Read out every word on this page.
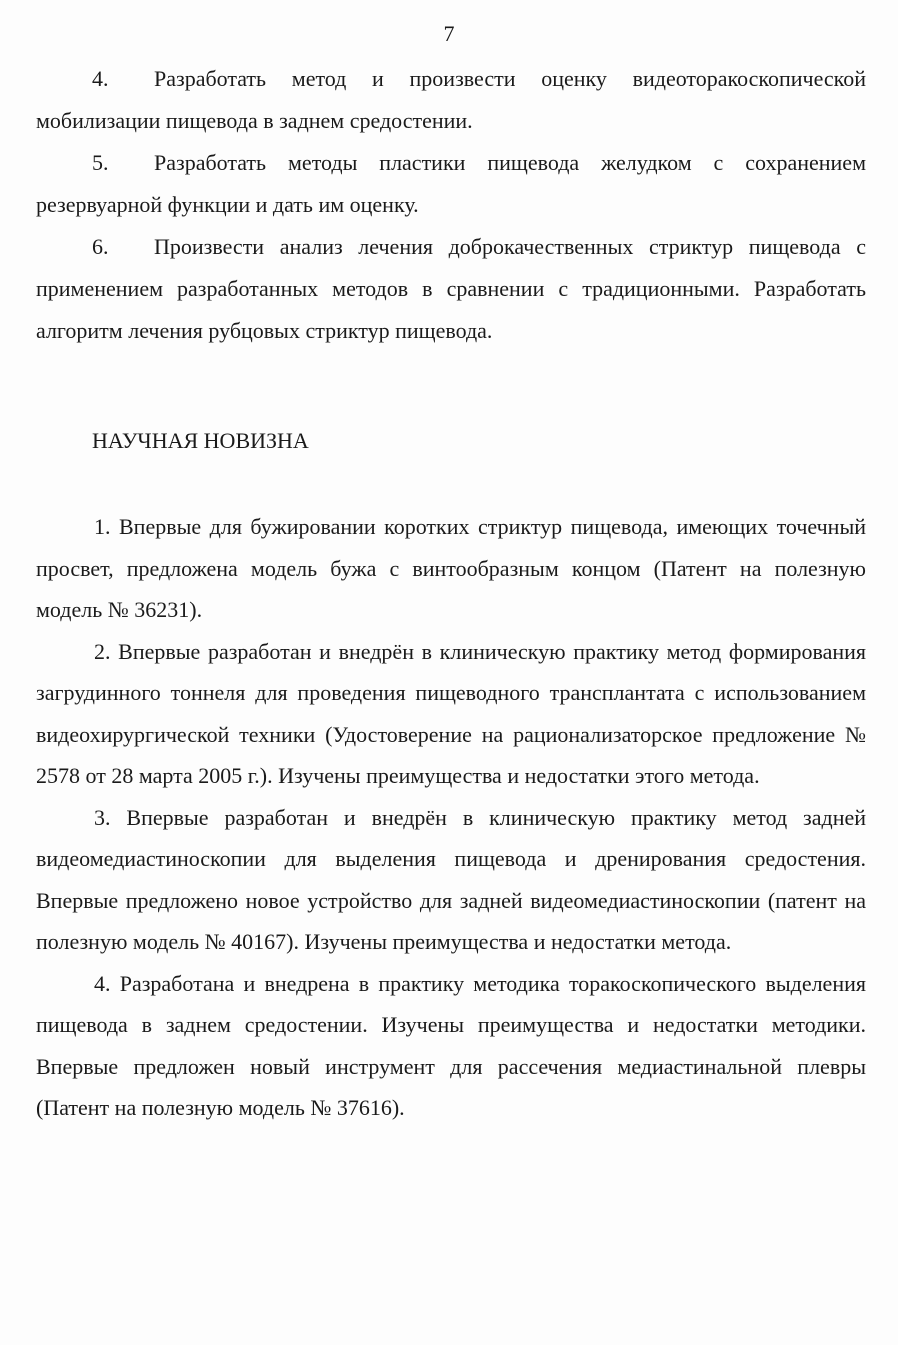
7

4. Разработать метод и произвести оценку видеоторакоскопической мобилизации пищевода в заднем средостении.

5. Разработать методы пластики пищевода желудком с сохранением резервуарной функции и дать им оценку.

6. Произвести анализ лечения доброкачественных стриктур пищевода с применением разработанных методов в сравнении с традиционными. Разработать алгоритм лечения рубцовых стриктур пищевода.

НАУЧНАЯ НОВИЗНА

1. Впервые для бужировании коротких стриктур пищевода, имеющих точечный просвет, предложена модель бужа с винтообразным концом (Патент на полезную модель № 36231).

2. Впервые разработан и внедрён в клиническую практику метод формирования загрудинного тоннеля для проведения пищеводного трансплантата с использованием видеохирургической техники (Удостоверение на рационализаторское предложение № 2578 от 28 марта 2005 г.). Изучены преимущества и недостатки этого метода.

3. Впервые разработан и внедрён в клиническую практику метод задней видеомедиастиноскопии для выделения пищевода и дренирования средостения. Впервые предложено новое устройство для задней видеомедиастиноскопии (патент на полезную модель № 40167). Изучены преимущества и недостатки метода.

4. Разработана и внедрена в практику методика торакоскопического выделения пищевода в заднем средостении. Изучены преимущества и недостатки методики. Впервые предложен новый инструмент для рассечения медиастинальной плевры (Патент на полезную модель № 37616).
